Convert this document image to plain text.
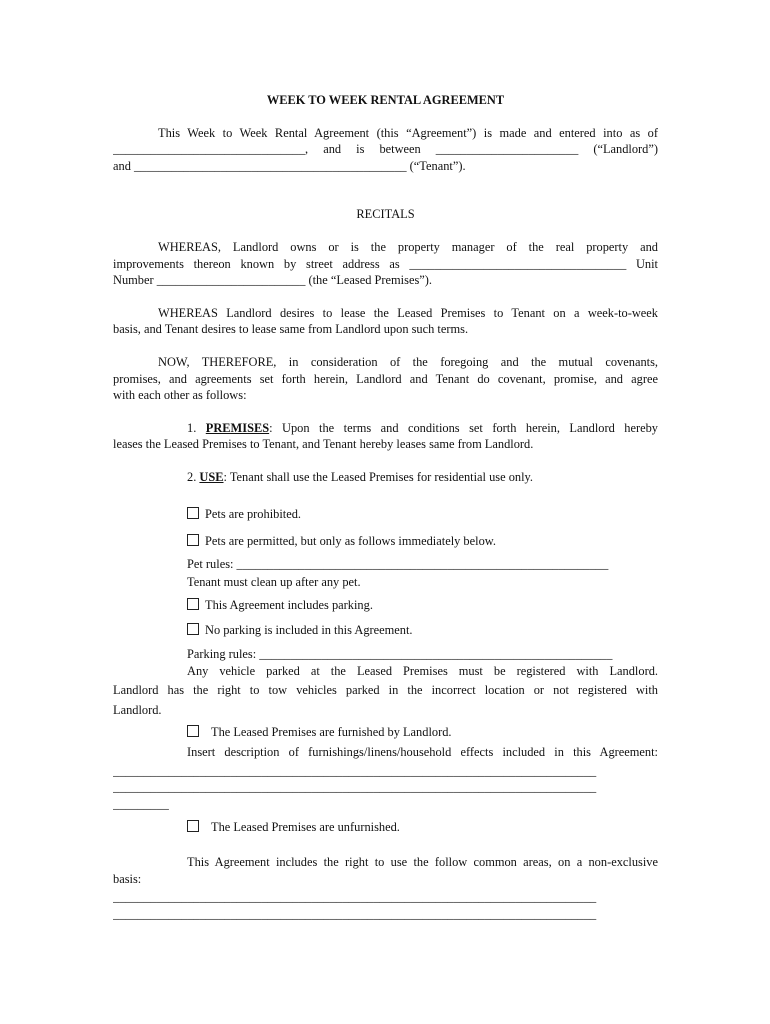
WEEK TO WEEK RENTAL AGREEMENT

This Week to Week Rental Agreement (this “Agreement”) is made and entered into as of

_______________________________, and is between _______________________ (“Landlord”)

and ____________________________________________ (“Tenant”).

RECITALS

WHEREAS, Landlord owns or is the property manager of the real property and

improvements thereon known by street address as ___________________________________ Unit

Number ________________________ (the “Leased Premises”).

WHEREAS Landlord desires to lease the Leased Premises to Tenant on a week-to-week

basis, and Tenant desires to lease same from Landlord upon such terms.

NOW, THEREFORE, in consideration of the foregoing and the mutual covenants,

promises, and agreements set forth herein, Landlord and Tenant do covenant, promise, and agree

with each other as follows:

1. PREMISES: Upon the terms and conditions set forth herein, Landlord hereby

leases the Leased Premises to Tenant, and Tenant hereby leases same from Landlord.

2. USE: Tenant shall use the Leased Premises for residential use only.

Pets are prohibited.

Pets are permitted, but only as follows immediately below.

Pet rules: ____________________________________________________________

Tenant must clean up after any pet.

This Agreement includes parking.

No parking is included in this Agreement.

Parking rules: _________________________________________________________

Any vehicle parked at the Leased Premises must be registered with Landlord.

Landlord has the right to tow vehicles parked in the incorrect location or not registered with

Landlord.

The Leased Premises are furnished by Landlord.

Insert description of furnishings/linens/household effects included in this Agreement:

______________________________________________________________________________

______________________________________________________________________________

_________

The Leased Premises are unfurnished.

This Agreement includes the right to use the follow common areas, on a non-exclusive

basis:

______________________________________________________________________________

______________________________________________________________________________
